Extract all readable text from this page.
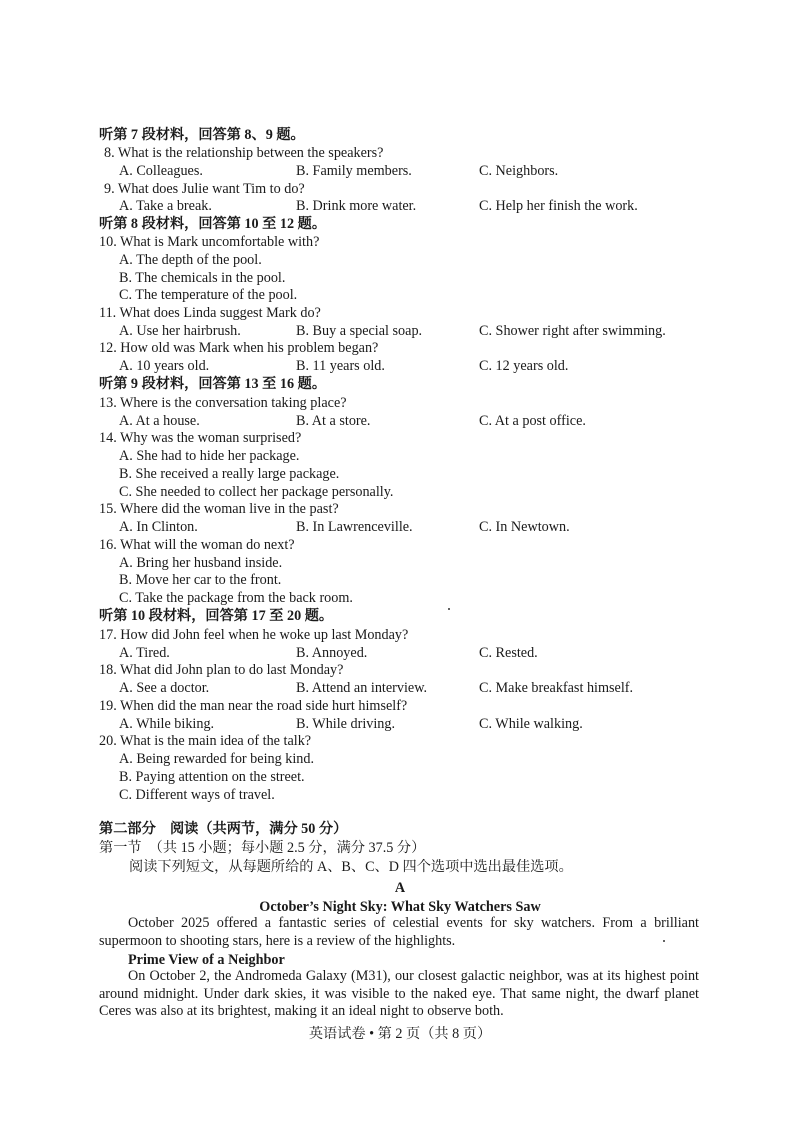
听第 7 段材料，回答第 8、9 题。
8. What is the relationship between the speakers?
A. Colleagues.	B. Family members.	C. Neighbors.
9. What does Julie want Tim to do?
A. Take a break.	B. Drink more water.	C. Help her finish the work.
听第 8 段材料，回答第 10 至 12 题。
10. What is Mark uncomfortable with?
A. The depth of the pool.
B. The chemicals in the pool.
C. The temperature of the pool.
11. What does Linda suggest Mark do?
A. Use her hairbrush.	B. Buy a special soap.	C. Shower right after swimming.
12. How old was Mark when his problem began?
A. 10 years old.	B. 11 years old.	C. 12 years old.
听第 9 段材料，回答第 13 至 16 题。
13. Where is the conversation taking place?
A. At a house.	B. At a store.	C. At a post office.
14. Why was the woman surprised?
A. She had to hide her package.
B. She received a really large package.
C. She needed to collect her package personally.
15. Where did the woman live in the past?
A. In Clinton.	B. In Lawrenceville.	C. In Newtown.
16. What will the woman do next?
A. Bring her husband inside.
B. Move her car to the front.
C. Take the package from the back room.
听第 10 段材料，回答第 17 至 20 题。
17. How did John feel when he woke up last Monday?
A. Tired.	B. Annoyed.	C. Rested.
18. What did John plan to do last Monday?
A. See a doctor.	B. Attend an interview.	C. Make breakfast himself.
19. When did the man near the road side hurt himself?
A. While biking.	B. While driving.	C. While walking.
20. What is the main idea of the talk?
A. Being rewarded for being kind.
B. Paying attention on the street.
C. Different ways of travel.
第二部分　阅读（共两节，满分 50 分）
第一节　（共 15 小题；每小题 2.5 分，满分 37.5 分）
阅读下列短文，从每题所给的 A、B、C、D 四个选项中选出最佳选项。
A
October’s Night Sky: What Sky Watchers Saw
October 2025 offered a fantastic series of celestial events for sky watchers. From a brilliant supermoon to shooting stars, here is a review of the highlights.
Prime View of a Neighbor
On October 2, the Andromeda Galaxy (M31), our closest galactic neighbor, was at its highest point around midnight. Under dark skies, it was visible to the naked eye. That same night, the dwarf planet Ceres was also at its brightest, making it an ideal night to observe both.
英语试卷 • 第 2 页（共 8 页）
